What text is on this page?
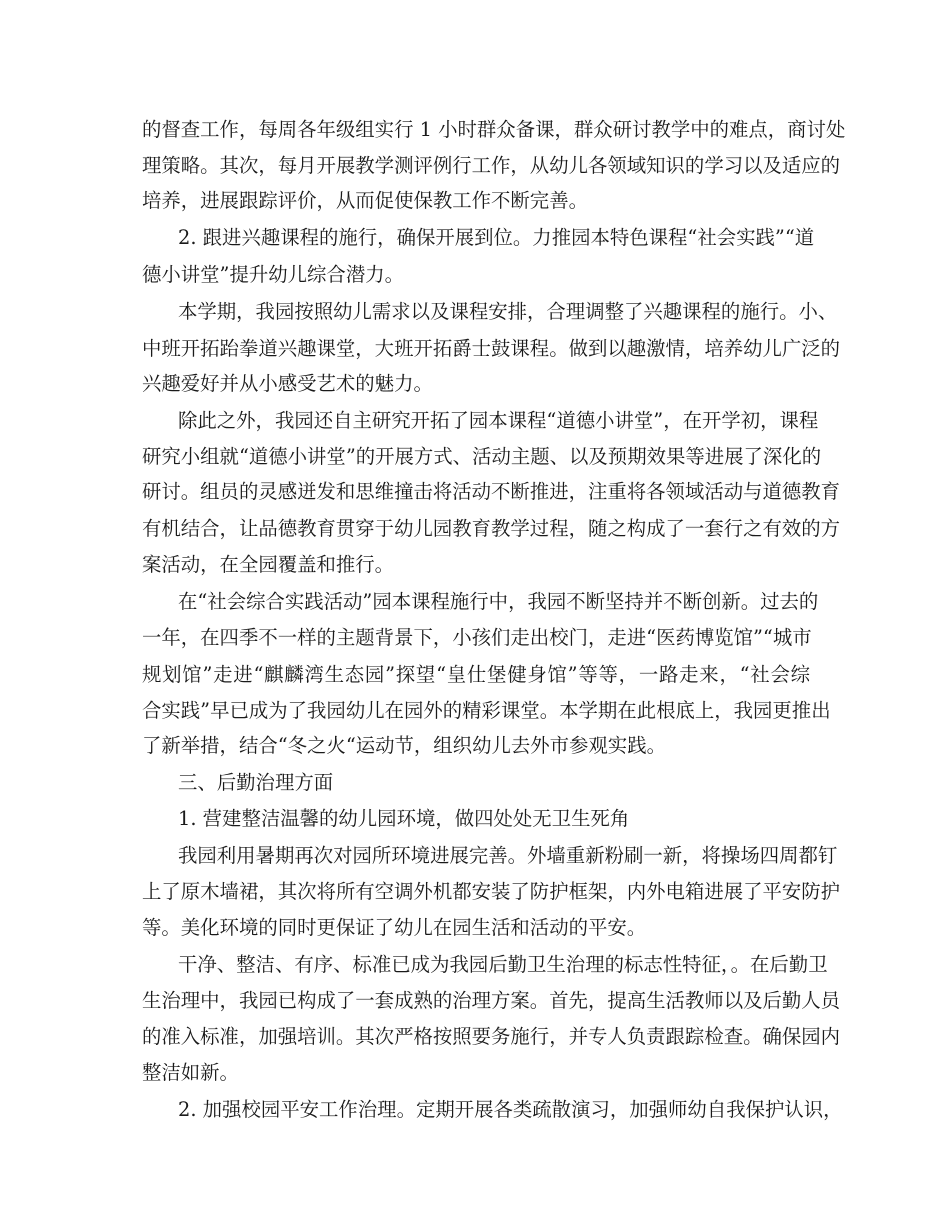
的督查工作，每周各年级组实行 1 小时群众备课，群众研讨教学中的难点，商讨处
理策略。其次，每月开展教学测评例行工作，从幼儿各领域知识的学习以及适应的
培养，进展跟踪评价，从而促使保教工作不断完善。
2. 跟进兴趣课程的施行，确保开展到位。力推园本特色课程“社会实践”“道
德小讲堂”提升幼儿综合潜力。
本学期，我园按照幼儿需求以及课程安排，合理调整了兴趣课程的施行。小、
中班开拓跆拳道兴趣课堂，大班开拓爵士鼓课程。做到以趣激情，培养幼儿广泛的
兴趣爱好并从小感受艺术的魅力。
除此之外，我园还自主研究开拓了园本课程“道德小讲堂”，在开学初，课程
研究小组就“道德小讲堂”的开展方式、活动主题、以及预期效果等进展了深化的
研讨。组员的灵感迸发和思维撞击将活动不断推进，注重将各领域活动与道德教育
有机结合，让品德教育贯穿于幼儿园教育教学过程，随之构成了一套行之有效的方
案活动，在全园覆盖和推行。
在“社会综合实践活动”园本课程施行中，我园不断坚持并不断创新。过去的
一年，在四季不一样的主题背景下，小孩们走出校门，走进“医药博览馆”“城市
规划馆”走进“麒麟湾生态园”探望“皇仕堡健身馆”等等，一路走来，“社会综
合实践”早已成为了我园幼儿在园外的精彩课堂。本学期在此根底上，我园更推出
了新举措，结合“冬之火“运动节，组织幼儿去外市参观实践。
三、后勤治理方面
1. 营建整洁温馨的幼儿园环境，做四处处无卫生死角
我园利用暑期再次对园所环境进展完善。外墙重新粉刷一新，将操场四周都钉
上了原木墙裙，其次将所有空调外机都安装了防护框架，内外电箱进展了平安防护
等。美化环境的同时更保证了幼儿在园生活和活动的平安。
干净、整洁、有序、标准已成为我园后勤卫生治理的标志性特征，。在后勤卫
生治理中，我园已构成了一套成熟的治理方案。首先，提高生活教师以及后勤人员
的准入标准，加强培训。其次严格按照要务施行，并专人负责跟踪检查。确保园内
整洁如新。
2. 加强校园平安工作治理。定期开展各类疏散演习，加强师幼自我保护认识，
